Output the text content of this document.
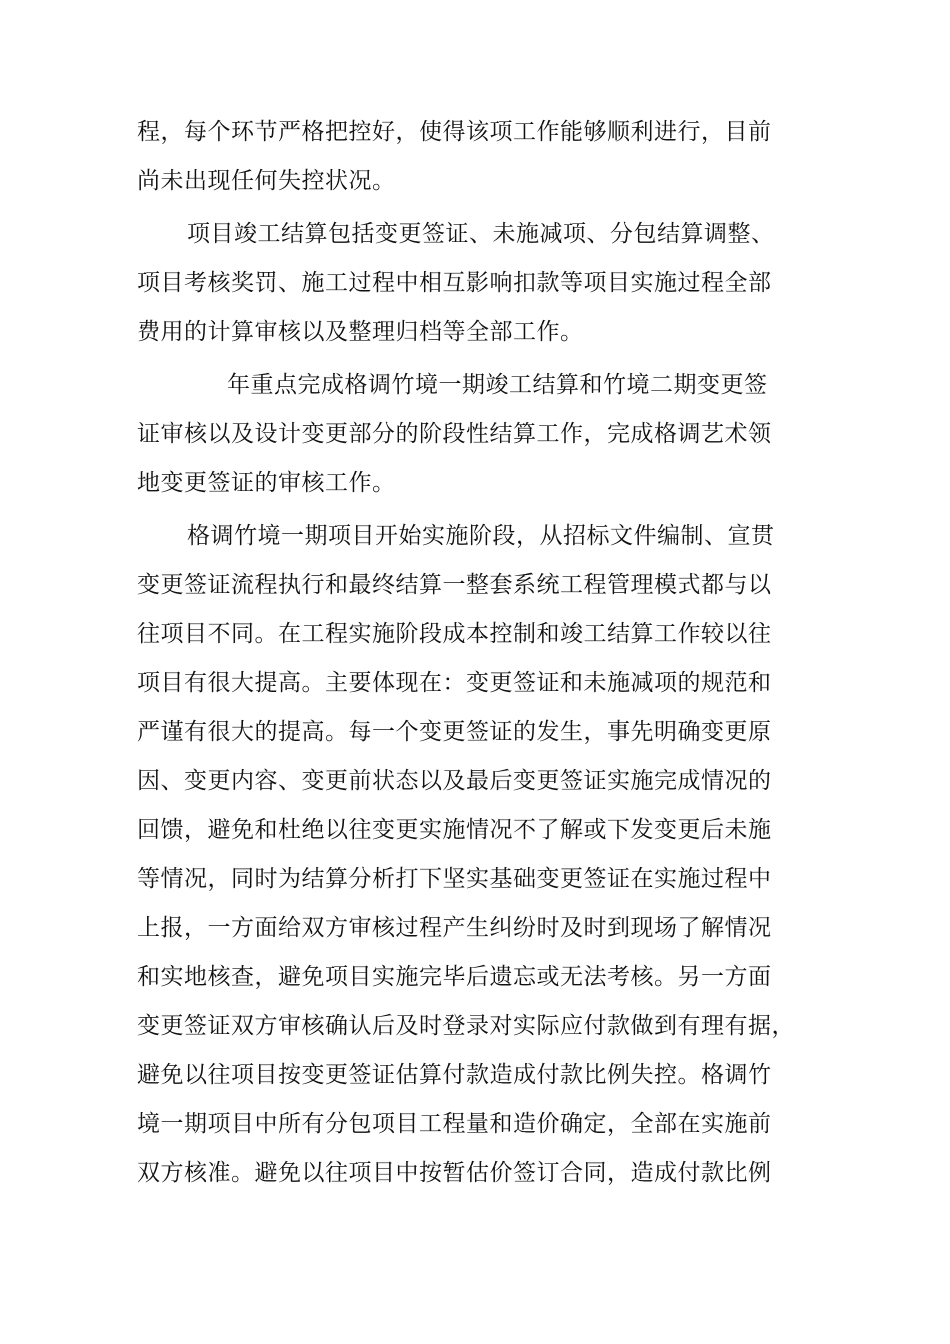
程，每个环节严格把控好，使得该项工作能够顺利进行，目前
尚未出现任何失控状况。
项目竣工结算包括变更签证、未施减项、分包结算调整、
项目考核奖罚、施工过程中相互影响扣款等项目实施过程全部
费用的计算审核以及整理归档等全部工作。
年重点完成格调竹境一期竣工结算和竹境二期变更签
证审核以及设计变更部分的阶段性结算工作，完成格调艺术领
地变更签证的审核工作。
格调竹境一期项目开始实施阶段，从招标文件编制、宣贯
变更签证流程执行和最终结算一整套系统工程管理模式都与以
往项目不同。在工程实施阶段成本控制和竣工结算工作较以往
项目有很大提高。主要体现在：变更签证和未施减项的规范和
严谨有很大的提高。每一个变更签证的发生，事先明确变更原
因、变更内容、变更前状态以及最后变更签证实施完成情况的
回馈，避免和杜绝以往变更实施情况不了解或下发变更后未施
等情况，同时为结算分析打下坚实基础变更签证在实施过程中
上报，一方面给双方审核过程产生纠纷时及时到现场了解情况
和实地核查，避免项目实施完毕后遗忘或无法考核。另一方面
变更签证双方审核确认后及时登录对实际应付款做到有理有据，
避免以往项目按变更签证估算付款造成付款比例失控。格调竹
境一期项目中所有分包项目工程量和造价确定，全部在实施前
双方核准。避免以往项目中按暂估价签订合同，造成付款比例
